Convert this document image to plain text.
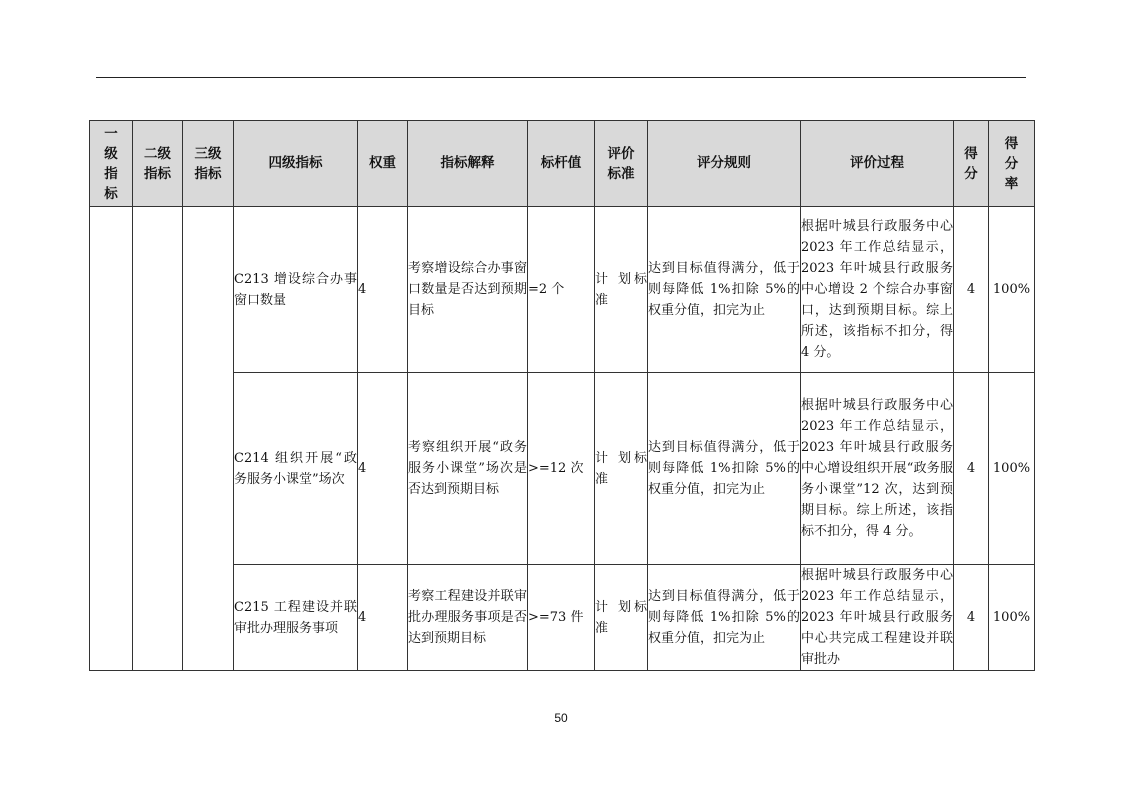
一级指标	二级指标	三级指标	四级指标	权重	指标解释	标杆值	评价标准	评分规则	评价过程	得分	得分率
			C213 增设综合办事窗口数量	4	考察增设综合办事窗口数量是否达到预期目标	=2 个	计 划标准	达到目标值得满分，低于则每降低 1%扣除 5%的权重分值，扣完为止	根据叶城县行政服务中心 2023 年工作总结显示，2023 年叶城县行政服务中心增设 2 个综合办事窗口，达到预期目标。综上所述，该指标不扣分，得 4 分。	4	100%
			C214 组织开展“政务服务小课堂”场次	4	考察组织开展“政务服务小课堂”场次是否达到预期目标	>=12 次	计 划标准	达到目标值得满分，低于则每降低 1%扣除 5%的权重分值，扣完为止	根据叶城县行政服务中心 2023 年工作总结显示，2023 年叶城县行政服务中心增设组织开展“政务服务小课堂”12 次，达到预期目标。综上所述，该指标不扣分，得 4 分。	4	100%
			C215 工程建设并联审批办理服务事项	4	考察工程建设并联审批办理服务事项是否达到预期目标	>=73 件	计 划标准	达到目标值得满分，低于则每降低 1%扣除 5%的权重分值，扣完为止	根据叶城县行政服务中心 2023 年工作总结显示，2023 年叶城县行政服务中心共完成工程建设并联审批办	4	100%
50
